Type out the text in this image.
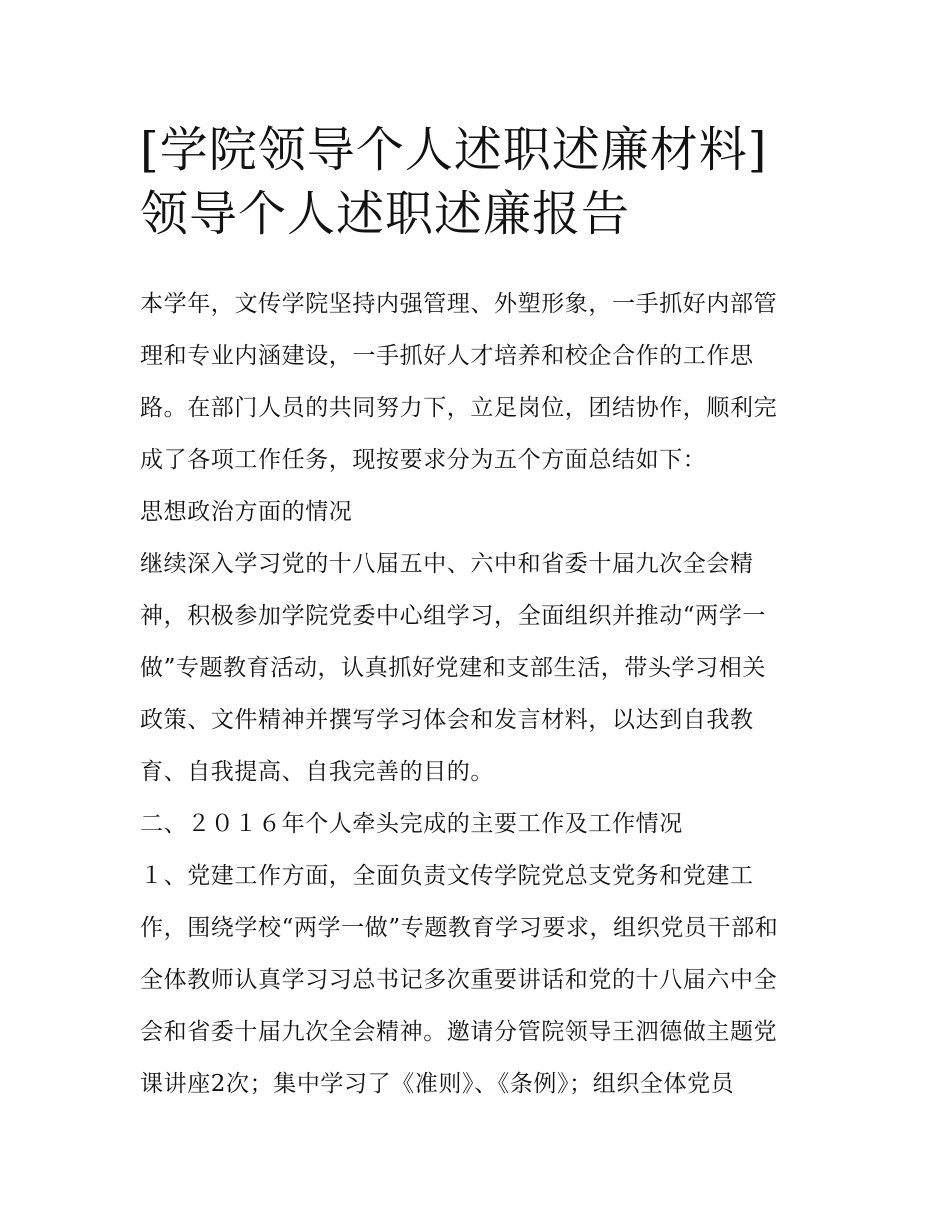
[学院领导个人述职述廉材料]
领导个人述职述廉报告
本学年，文传学院坚持内强管理、外塑形象，一手抓好内部管
理和专业内涵建设，一手抓好人才培养和校企合作的工作思
路。在部门人员的共同努力下，立足岗位，团结协作，顺利完
成了各项工作任务，现按要求分为五个方面总结如下：
思想政治方面的情况
继续深入学习党的十八届五中、六中和省委十届九次全会精
神，积极参加学院党委中心组学习，全面组织并推动“两学一
做”专题教育活动，认真抓好党建和支部生活，带头学习相关
政策、文件精神并撰写学习体会和发言材料，以达到自我教
育、自我提高、自我完善的目的。
二、２０１６年个人牵头完成的主要工作及工作情况
１、党建工作方面，全面负责文传学院党总支党务和党建工
作，围绕学校“两学一做”专题教育学习要求，组织党员干部和
全体教师认真学习习总书记多次重要讲话和党的十八届六中全
会和省委十届九次全会精神。邀请分管院领导王泗德做主题党
课讲座2次；集中学习了《准则》、《条例》；组织全体党员
